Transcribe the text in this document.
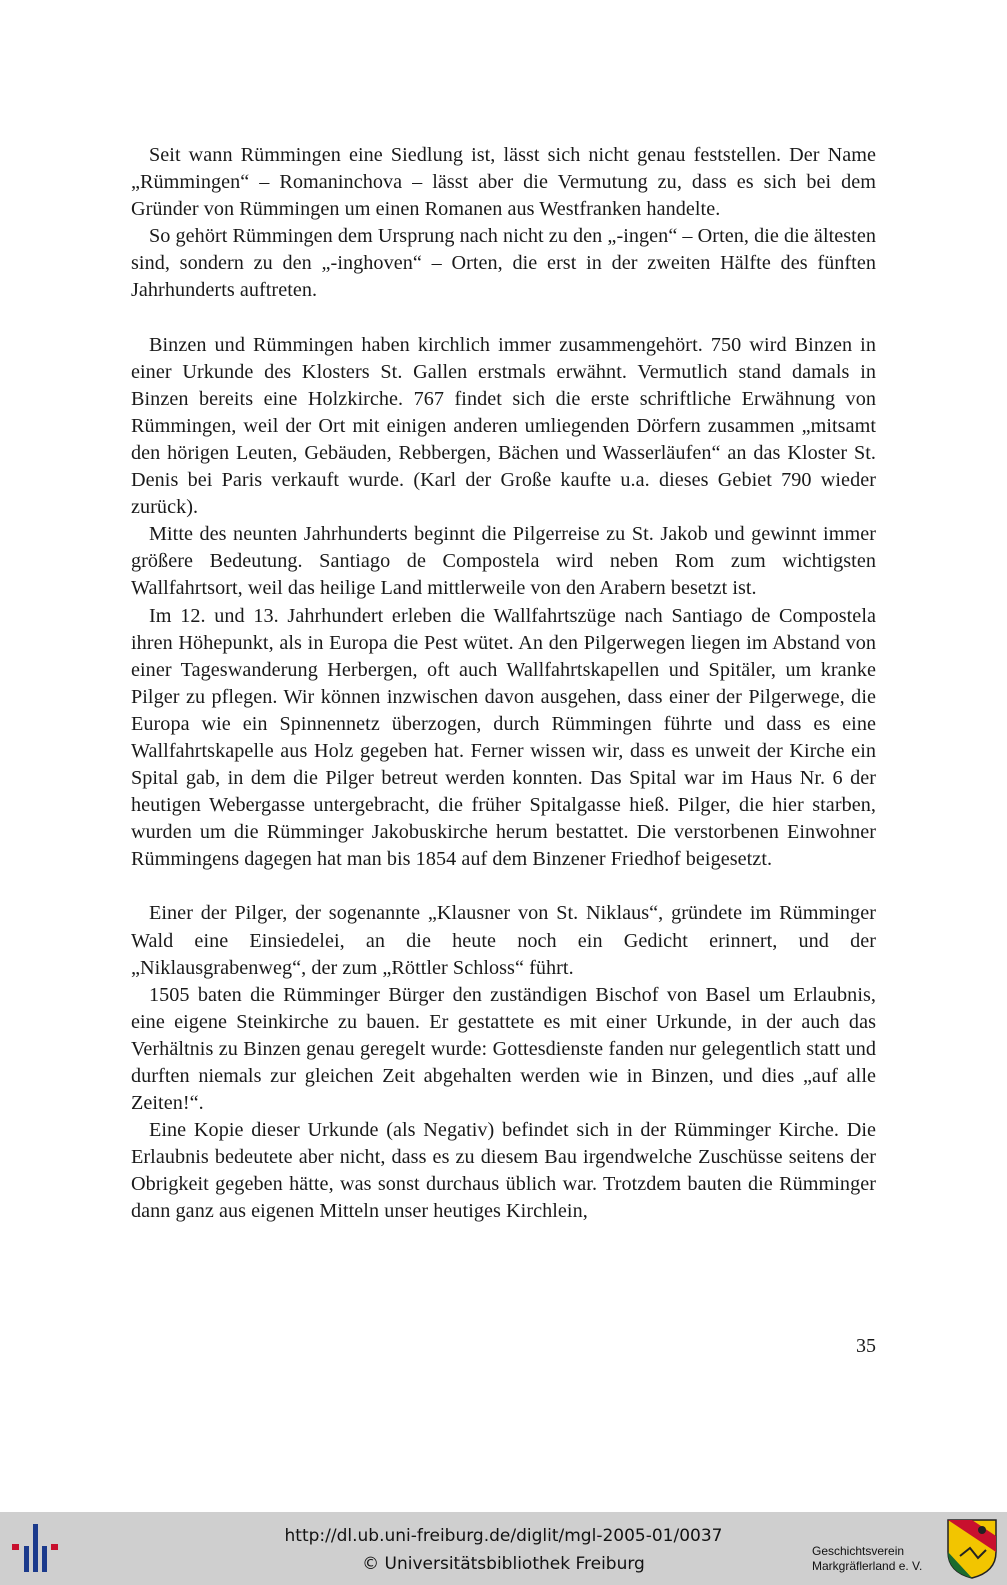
Seit wann Rümmingen eine Siedlung ist, lässt sich nicht genau feststellen. Der Name „Rümmingen“ – Romaninchova – lässt aber die Vermutung zu, dass es sich bei dem Gründer von Rümmingen um einen Romanen aus Westfranken handelte.

So gehört Rümmingen dem Ursprung nach nicht zu den „-ingen“ – Orten, die die ältesten sind, sondern zu den „-inghoven“ – Orten, die erst in der zweiten Hälfte des fünften Jahrhunderts auftreten.

Binzen und Rümmingen haben kirchlich immer zusammengehört. 750 wird Binzen in einer Urkunde des Klosters St. Gallen erstmals erwähnt. Vermutlich stand damals in Binzen bereits eine Holzkirche. 767 findet sich die erste schriftliche Erwähnung von Rümmingen, weil der Ort mit einigen anderen umliegenden Dörfern zusammen „mitsamt den hörigen Leuten, Gebäuden, Rebbergen, Bächen und Wasserläufen“ an das Kloster St. Denis bei Paris verkauft wurde. (Karl der Große kaufte u.a. dieses Gebiet 790 wieder zurück).

Mitte des neunten Jahrhunderts beginnt die Pilgerreise zu St. Jakob und gewinnt immer größere Bedeutung. Santiago de Compostela wird neben Rom zum wichtigsten Wallfahrtsort, weil das heilige Land mittlerweile von den Arabern besetzt ist.

Im 12. und 13. Jahrhundert erleben die Wallfahrtszüge nach Santiago de Compostela ihren Höhepunkt, als in Europa die Pest wütet. An den Pilgerwegen liegen im Abstand von einer Tageswanderung Herbergen, oft auch Wallfahrtskapellen und Spitäler, um kranke Pilger zu pflegen. Wir können inzwischen davon ausgehen, dass einer der Pilgerwege, die Europa wie ein Spinnennetz überzogen, durch Rümmingen führte und dass es eine Wallfahrtskapelle aus Holz gegeben hat. Ferner wissen wir, dass es unweit der Kirche ein Spital gab, in dem die Pilger betreut werden konnten. Das Spital war im Haus Nr. 6 der heutigen Webergasse untergebracht, die früher Spitalgasse hieß. Pilger, die hier starben, wurden um die Rümminger Jakobuskirche herum bestattet. Die verstorbenen Einwohner Rümmingens dagegen hat man bis 1854 auf dem Binzener Friedhof beigesetzt.

Einer der Pilger, der sogenannte „Klausner von St. Niklaus“, gründete im Rümminger Wald eine Einsiedelei, an die heute noch ein Gedicht erinnert, und der „Niklausgrabenweg“, der zum „Röttler Schloss“ führt.

1505 baten die Rümminger Bürger den zuständigen Bischof von Basel um Erlaubnis, eine eigene Steinkirche zu bauen. Er gestattete es mit einer Urkunde, in der auch das Verhältnis zu Binzen genau geregelt wurde: Gottesdienste fanden nur gelegentlich statt und durften niemals zur gleichen Zeit abgehalten werden wie in Binzen, und dies „auf alle Zeiten!“.

Eine Kopie dieser Urkunde (als Negativ) befindet sich in der Rümminger Kirche. Die Erlaubnis bedeutete aber nicht, dass es zu diesem Bau irgendwelche Zuschüsse seitens der Obrigkeit gegeben hätte, was sonst durchaus üblich war. Trotzdem bauten die Rümminger dann ganz aus eigenen Mitteln unser heutiges Kirchlein,

35
http://dl.ub.uni-freiburg.de/diglit/mgl-2005-01/0037
© Universitätsbibliothek Freiburg
Geschichtsverein
Markgräflerland e. V.
